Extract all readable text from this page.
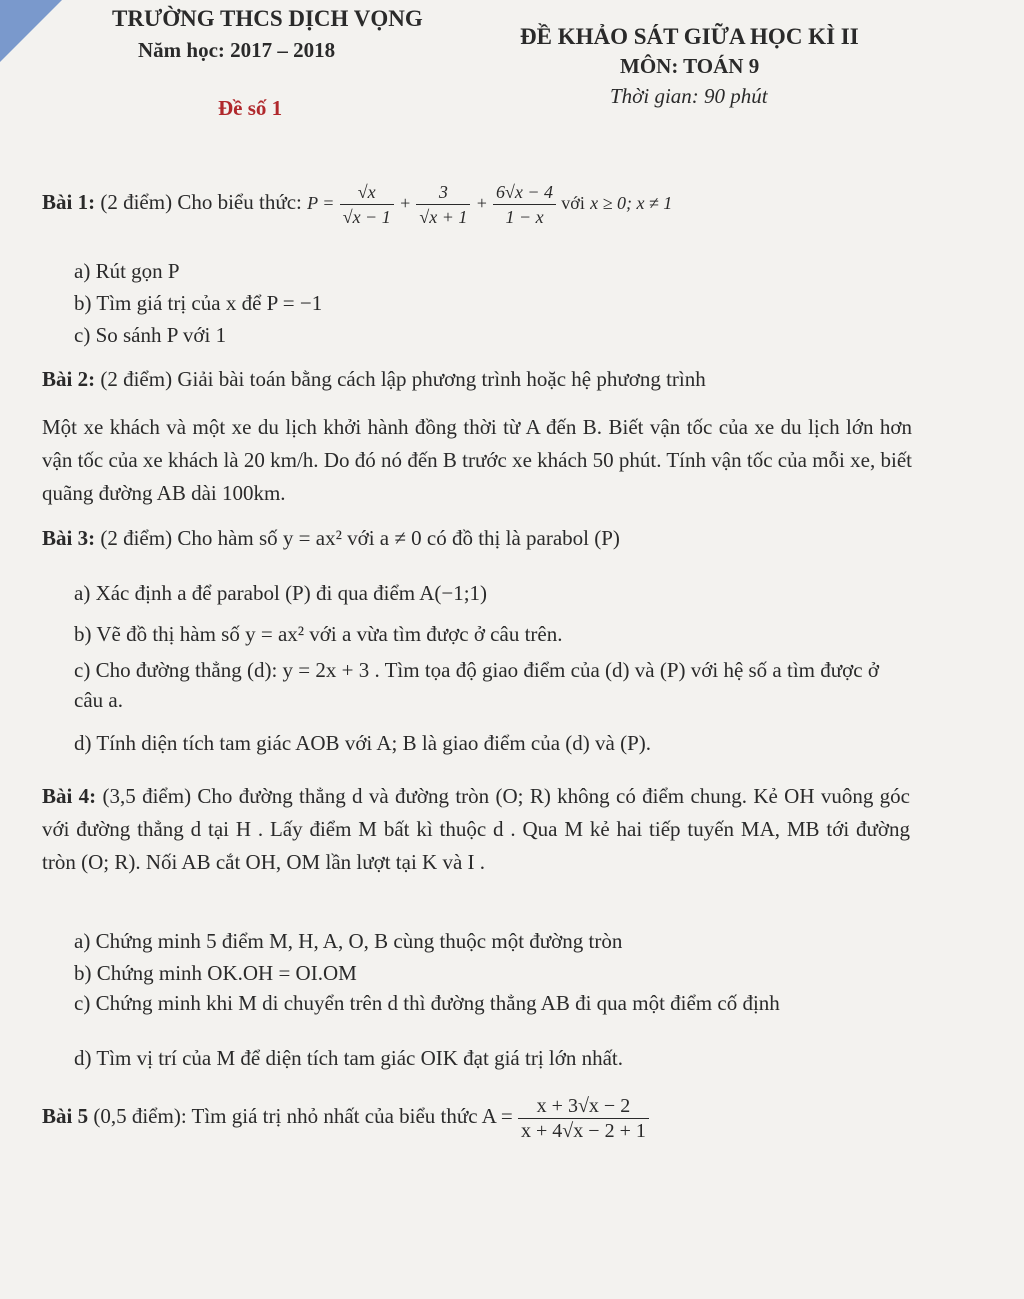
TRƯỜNG THCS DỊCH VỌNG
Năm học: 2017 – 2018
Đề số 1
ĐỀ KHẢO SÁT GIỮA HỌC KÌ II
MÔN: TOÁN 9
Thời gian: 90 phút
Bài 1: (2 điểm) Cho biểu thức: $P = \frac{√x}{√x - 1} + \frac{3}{√x + 1} + \frac{6√x - 4}{1 - x}$ với x ≥ 0; x ≠ 1
a) Rút gọn P
b) Tìm giá trị của x để P = −1
c) So sánh P với 1
Bài 2: (2 điểm) Giải bài toán bằng cách lập phương trình hoặc hệ phương trình
Một xe khách và một xe du lịch khởi hành đồng thời từ A đến B. Biết vận tốc của xe du lịch lớn hơn vận tốc của xe khách là 20 km/h. Do đó nó đến B trước xe khách 50 phút. Tính vận tốc của mỗi xe, biết quãng đường AB dài 100km.
Bài 3: (2 điểm) Cho hàm số y = ax² với a ≠ 0 có đồ thị là parabol (P)
a) Xác định a để parabol (P) đi qua điểm A(−1;1)
b) Vẽ đồ thị hàm số y = ax² với a vừa tìm được ở câu trên.
c) Cho đường thẳng (d): y = 2x + 3 . Tìm tọa độ giao điểm của (d) và (P) với hệ số a tìm được ở câu a.
d) Tính diện tích tam giác AOB với A; B là giao điểm của (d) và (P).
Bài 4: (3,5 điểm) Cho đường thẳng d và đường tròn (O; R) không có điểm chung. Kẻ OH vuông góc với đường thẳng d tại H . Lấy điểm M bất kì thuộc d . Qua M kẻ hai tiếp tuyến MA, MB tới đường tròn (O; R). Nối AB cắt OH, OM lần lượt tại K và I .
a) Chứng minh 5 điểm M, H, A, O, B cùng thuộc một đường tròn
b) Chứng minh OK.OH = OI.OM
c) Chứng minh khi M di chuyển trên d thì đường thẳng AB đi qua một điểm cố định
d) Tìm vị trí của M để diện tích tam giác OIK đạt giá trị lớn nhất.
Bài 5 (0,5 điểm): Tìm giá trị nhỏ nhất của biểu thức $A = \frac{x + 3√x - 2}{x + 4√x - 2 + 1}$
